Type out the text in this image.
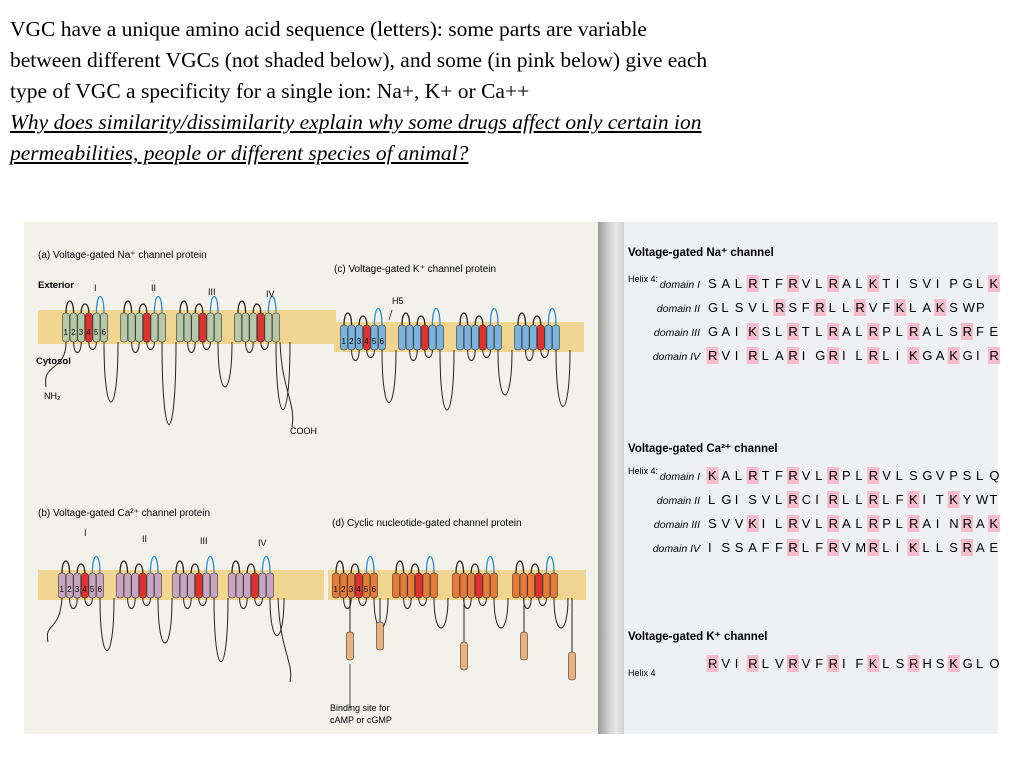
VGC have a unique amino acid sequence (letters): some parts are variable

between different VGCs (not shaded below), and some (in pink below) give each

type of VGC a specificity for a single ion: Na+, K+ or Ca++

Why does similarity/dissimilarity explain why some drugs affect only certain ion

permeabilities, people or different species of animal?

1 2 3 4 5 6
1 2 3 4 5 6
1 2 3 4 5 6	1 2 3 4 5 6
(a) Voltage-gated Na⁺ channel protein
Exterior
Cytosol
NH₂
COOH
I	II	III	IV
(c) Voltage-gated K⁺ channel protein
H5
(b) Voltage-gated Ca²⁺ channel protein
I
II	III	IV
(d) Cyclic nucleotide-gated channel protein
Binding site for
cAMP or cGMP
Voltage-gated Na⁺ channel
Helix 4: domain I S A L R T F R V L R A L K T I S V I P G L K
domain II G L S V L R S F R L L R V F K L A K S W P
domain III G A I K S L R T L R A L R P L R A L S R F E
domain IV R V I R L A R I G R I L R L I K G A K G I R
Voltage-gated Ca²⁺ channel
Helix 4: domain I K A L R T F R V L R P L R V L S G V P S L Q
domain II L G I S V L R C I R L L R L F K I T K Y W T
domain III S V V K I L R V L R A L R P L R A I N R A K
domain IV I S S A F F R L F R V M R L I K L L S R A E
Voltage-gated K⁺ channel
Helix 4
R V I R L V R V F R I F K L S R H S K G L O
